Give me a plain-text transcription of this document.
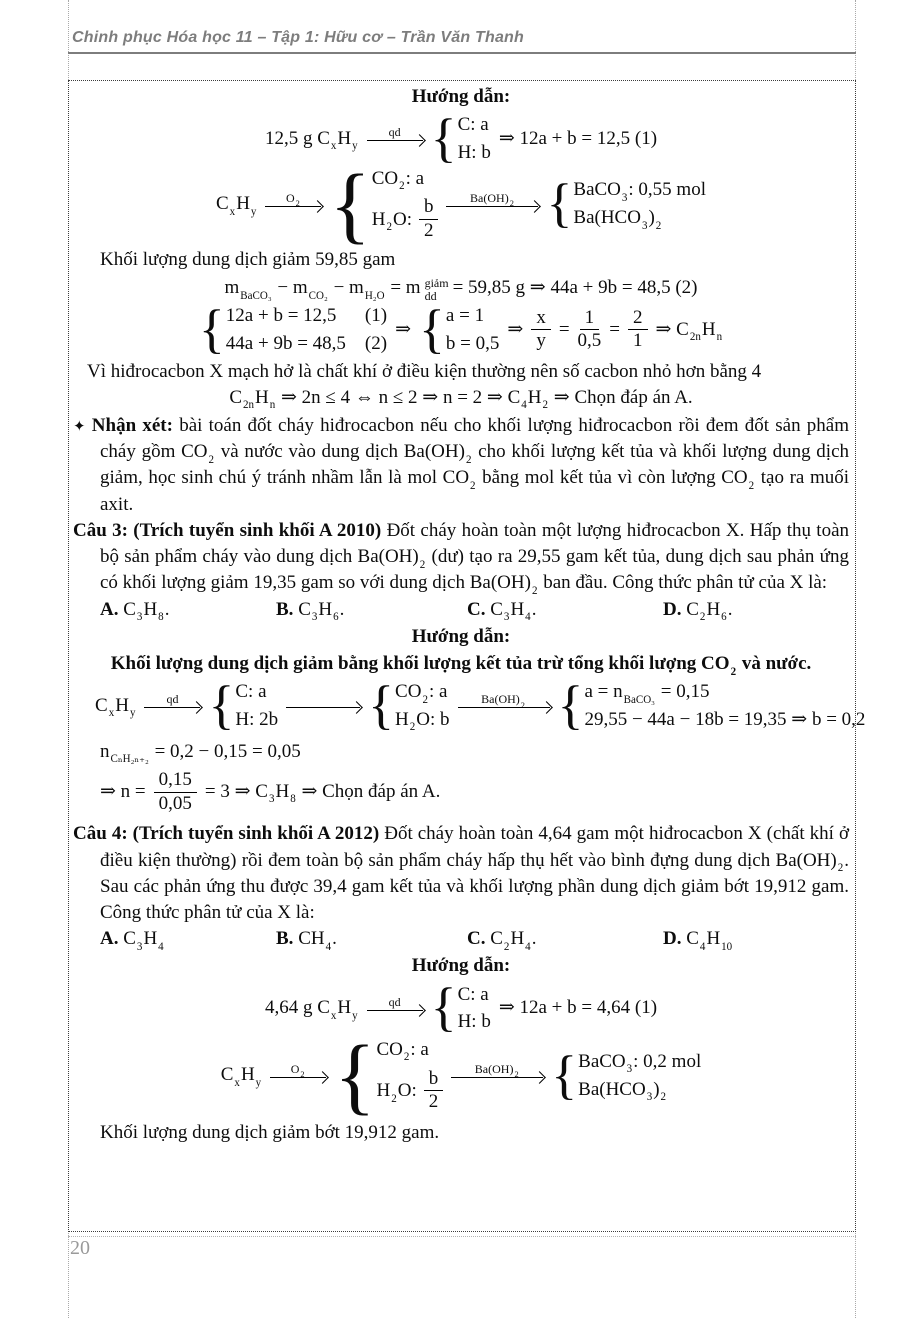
Chinh phục Hóa học 11 – Tập 1: Hữu cơ – Trần Văn Thanh
Hướng dẫn:
12,5 g $C_xH_y$
qd { C: a
H: b
⇒ 12a + b = 12,5 (1)
$C_xH_y$
$O_2$ { $CO_2$: a
$H_2O$: $\frac{b}{2}$	$Ba(OH)_2$ { BaCO$_3$: 0,55 mol
$Ba(HCO_3)_2$
Khối lượng dung dịch giảm 59,85 gam
$m_{BaCO_3} - m_{CO_2} - m_{H_2O} = m$ giảm
dd = 59,85 g ⇒ 44a + 9b = 48,5 (2)
{ 12a + b = 12,5      (1)
44a + 9b = 48,5    (2)
⇒ { a = 1
b = 0,5
⇒ $\frac{x}{y} = \frac{1}{0,5} = \frac{2}{1}$ ⇒ $C_{2n}H_n$
Vì hiđrocacbon X mạch hở là chất khí ở điều kiện thường nên số cacbon nhỏ hơn bằng 4
$C_{2n}H_n$ ⇒ 2n ≤ 4 ⇔ n ≤ 2 ⇒ n = 2 ⇒ $C_4H_2$ ⇒ Chọn đáp án A.

✦ Nhận xét: bài toán đốt cháy hiđrocacbon nếu cho khối lượng hiđrocacbon rồi đem đốt sản phẩm cháy gồm $CO_2$ và nước vào dung dịch $Ba(OH)_2$ cho khối lượng kết tủa và khối lượng dung dịch giảm, học sinh chú ý tránh nhầm lẫn là mol $CO_2$ bằng mol kết tủa vì còn lượng $CO_2$ tạo ra muối axit.

Câu 3: (Trích tuyển sinh khối A 2010) Đốt cháy hoàn toàn một lượng hiđrocacbon X. Hấp thụ toàn bộ sản phẩm cháy vào dung dịch $Ba(OH)_2$ (dư) tạo ra 29,55 gam kết tủa, dung dịch sau phản ứng có khối lượng giảm 19,35 gam so với dung dịch $Ba(OH)_2$ ban đầu. Công thức phân tử của X là:

A. $C_3H_8$.	B. $C_3H_6$.	C. $C_3H_4$.	D. $C_2H_6$.
Hướng dẫn:
Khối lượng dung dịch giảm bằng khối lượng kết tủa trừ tổng khối lượng $CO_2$ và nước.
$C_xH_y$
qd { C: a
H: 2b { $CO_2$: a
$H_2O$: b
$Ba(OH)_2$ { $a = n_{BaCO_3} = 0,15$
29,55 − 44a − 18b = 19,35 ⇒ b = 0,2
$n_{C_nH_{2n+2}} = 0,2 - 0,15 = 0,05$
⇒ $n = \frac{0,15}{0,05} = 3$ ⇒ $C_3H_8$ ⇒ Chọn đáp án A.

Câu 4: (Trích tuyển sinh khối A 2012) Đốt cháy hoàn toàn 4,64 gam một hiđrocacbon X (chất khí ở điều kiện thường) rồi đem toàn bộ sản phẩm cháy hấp thụ hết vào bình đựng dung dịch $Ba(OH)_2$. Sau các phản ứng thu được 39,4 gam kết tủa và khối lượng phần dung dịch giảm bớt 19,912 gam. Công thức phân tử của X là:

A. $C_3H_4$	B. $CH_4$.	C. $C_2H_4$.	D. $C_4H_{10}$
Hướng dẫn:
4,64 g $C_xH_y$
qd { C: a
H: b
⇒ 12a + b = 4,64 (1)
$C_xH_y$
$O_2$ { $CO_2$: a
$H_2O$: $\frac{b}{2}$	$Ba(OH)_2$ { BaCO$_3$: 0,2 mol
$Ba(HCO_3)_2$
Khối lượng dung dịch giảm bớt 19,912 gam.
20
